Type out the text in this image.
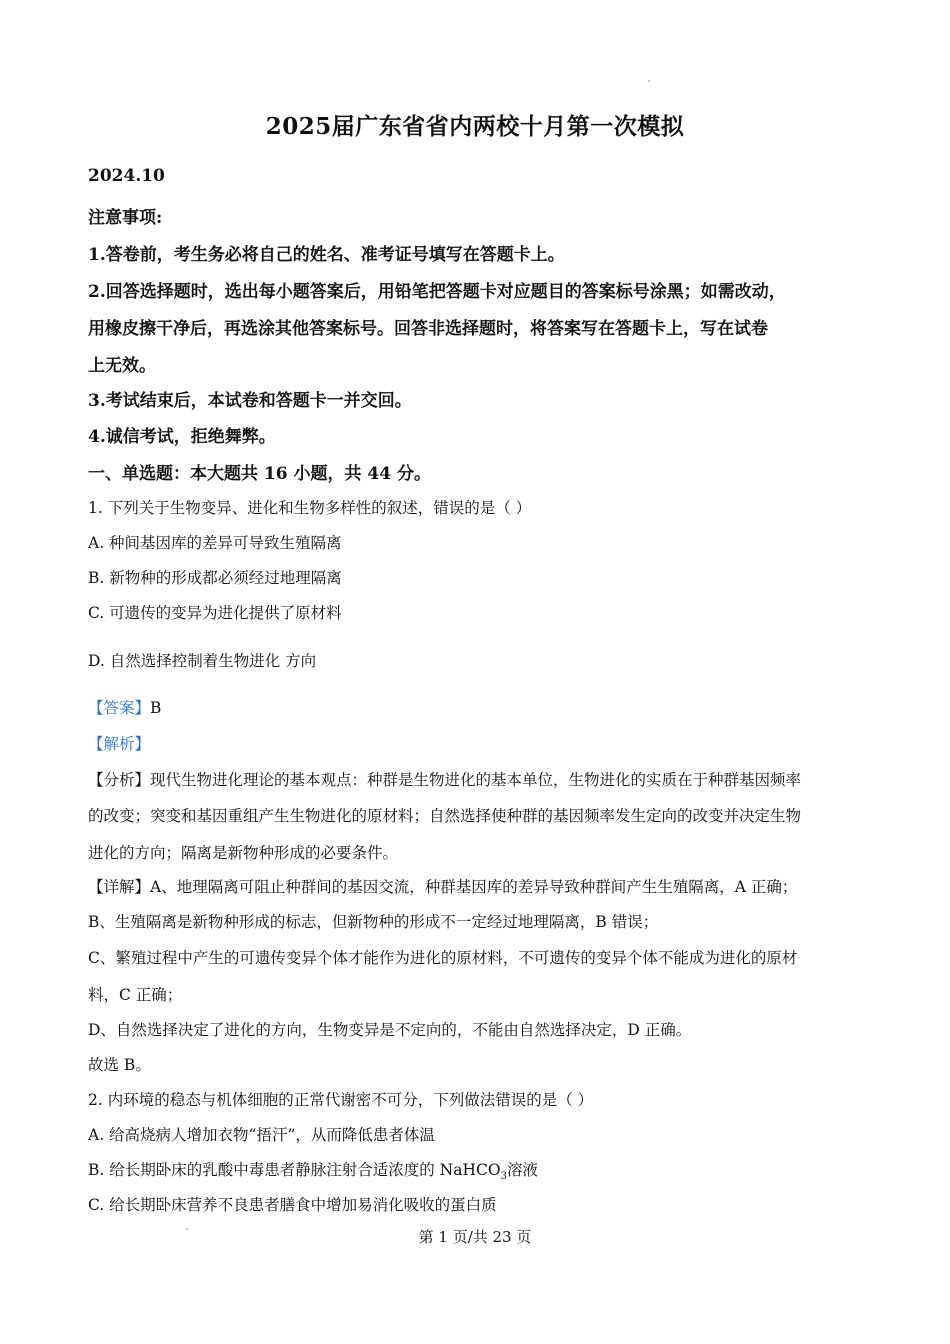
2025届广东省省内两校十月第一次模拟
2024.10
注意事项:
1.答卷前，考生务必将自己的姓名、准考证号填写在答题卡上。
2.回答选择题时，选出每小题答案后，用铅笔把答题卡对应题目的答案标号涂黑；如需改动，
用橡皮擦干净后，再选涂其他答案标号。回答非选择题时，将答案写在答题卡上，写在试卷
上无效。
3.考试结束后，本试卷和答题卡一并交回。
4.诚信考试，拒绝舞弊。
一、单选题：本大题共 16 小题，共 44 分。
1. 下列关于生物变异、进化和生物多样性的叙述，错误的是（ ）
A. 种间基因库的差异可导致生殖隔离
B. 新物种的形成都必须经过地理隔离
C. 可遗传的变异为进化提供了原材料
D. 自然选择控制着生物进化 方向
【答案】B
【解析】
【分析】现代生物进化理论的基本观点：种群是生物进化的基本单位，生物进化的实质在于种群基因频率
的改变；突变和基因重组产生生物进化的原材料；自然选择使种群的基因频率发生定向的改变并决定生物
进化的方向；隔离是新物种形成的必要条件。
【详解】A、地理隔离可阻止种群间的基因交流，种群基因库的差异导致种群间产生生殖隔离，A 正确；
B、生殖隔离是新物种形成的标志，但新物种的形成不一定经过地理隔离，B 错误；
C、繁殖过程中产生的可遗传变异个体才能作为进化的原材料，不可遗传的变异个体不能成为进化的原材
料，C 正确；
D、自然选择决定了进化的方向，生物变异是不定向的，不能由自然选择决定，D 正确。
故选 B。
2. 内环境的稳态与机体细胞的正常代谢密不可分，下列做法错误的是（ ）
A. 给高烧病人增加衣物“捂汗”，从而降低患者体温
B. 给长期卧床的乳酸中毒患者静脉注射合适浓度的 NaHCO$_3$溶液
C. 给长期卧床营养不良患者膳食中增加易消化吸收的蛋白质
第 1 页/共 23 页
